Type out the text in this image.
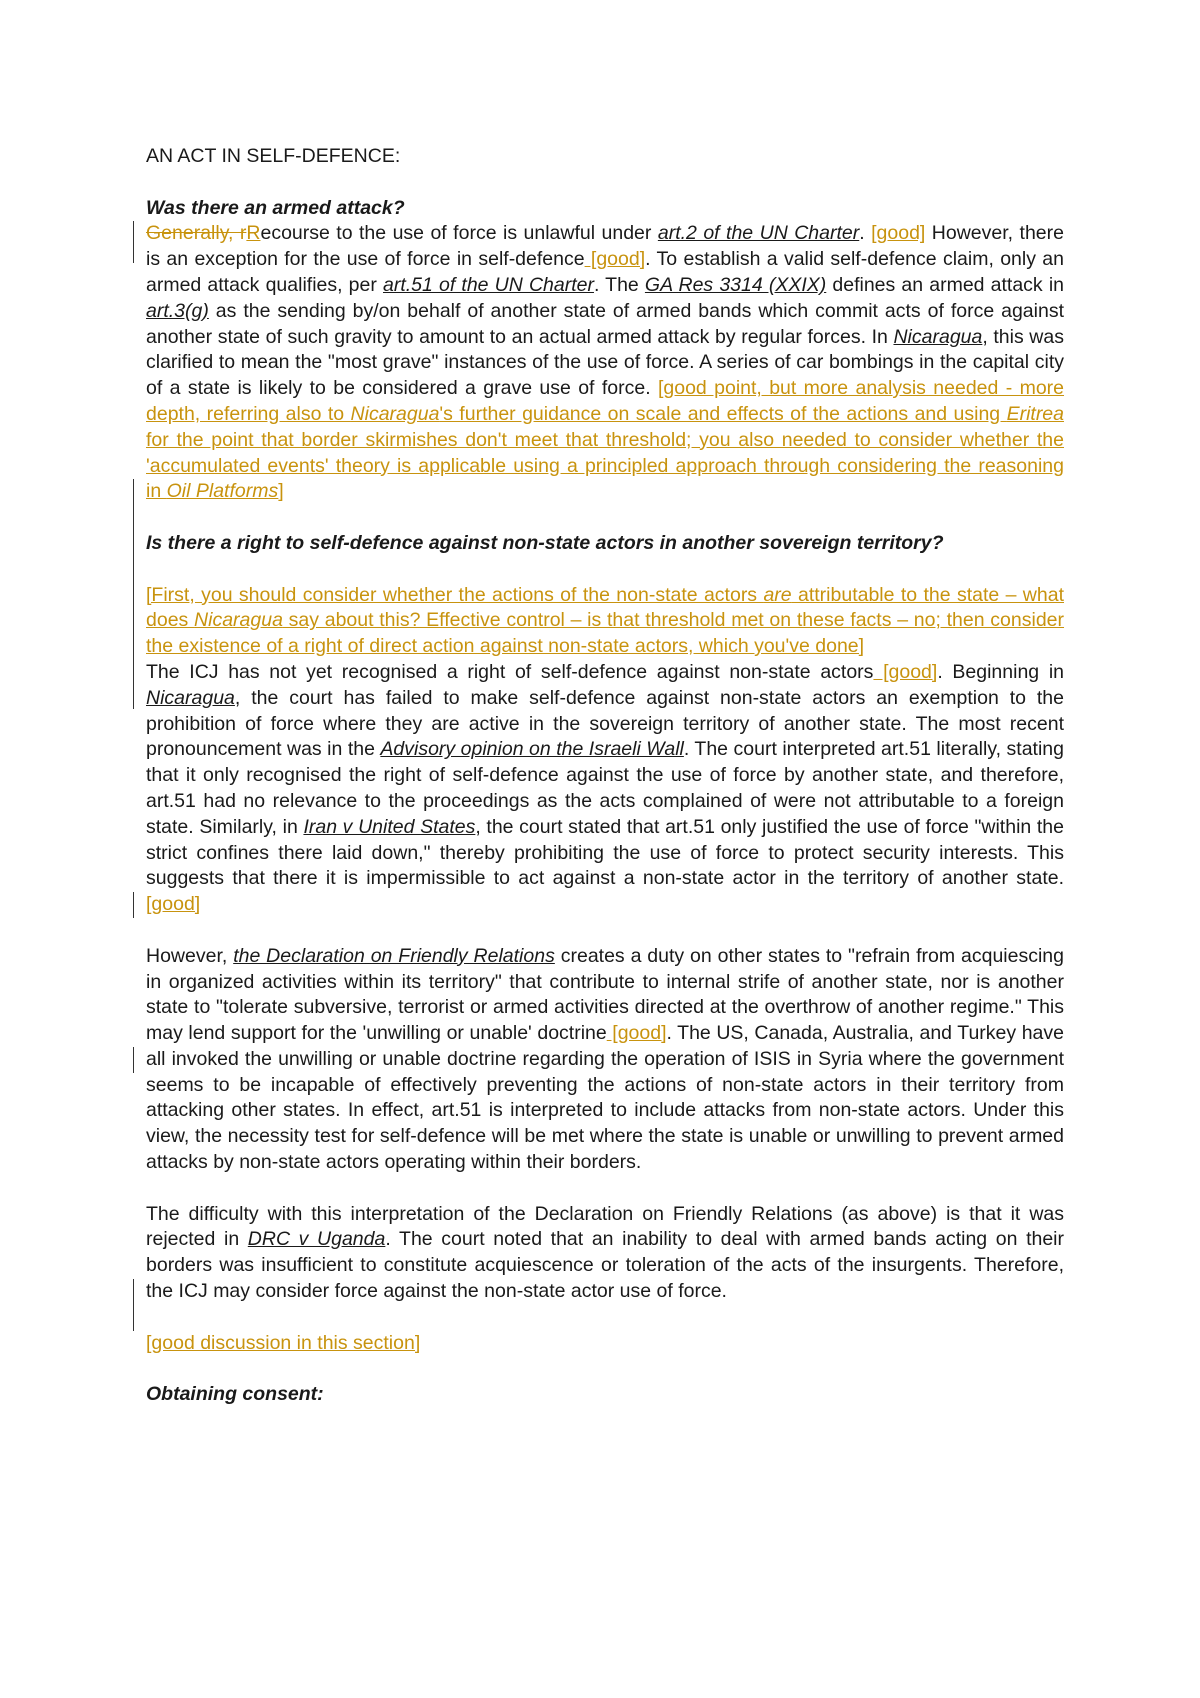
AN ACT IN SELF-DEFENCE:

Was there an armed attack?

Generally, rRecourse to the use of force is unlawful under art.2 of the UN Charter. [good] However, there is an exception for the use of force in self-defence [good]. To establish a valid self-defence claim, only an armed attack qualifies, per art.51 of the UN Charter. The GA Res 3314 (XXIX) defines an armed attack in art.3(g) as the sending by/on behalf of another state of armed bands which commit acts of force against another state of such gravity to amount to an actual armed attack by regular forces. In Nicaragua, this was clarified to mean the "most grave" instances of the use of force. A series of car bombings in the capital city of a state is likely to be considered a grave use of force. [good point, but more analysis needed - more depth, referring also to Nicaragua's further guidance on scale and effects of the actions and using Eritrea for the point that border skirmishes don't meet that threshold; you also needed to consider whether the 'accumulated events' theory is applicable using a principled approach through considering the reasoning in Oil Platforms]

Is there a right to self-defence against non-state actors in another sovereign territory?

[First, you should consider whether the actions of the non-state actors are attributable to the state – what does Nicaragua say about this? Effective control – is that threshold met on these facts – no; then consider the existence of a right of direct action against non-state actors, which you've done]

The ICJ has not yet recognised a right of self-defence against non-state actors [good]. Beginning in Nicaragua, the court has failed to make self-defence against non-state actors an exemption to the prohibition of force where they are active in the sovereign territory of another state. The most recent pronouncement was in the Advisory opinion on the Israeli Wall. The court interpreted art.51 literally, stating that it only recognised the right of self-defence against the use of force by another state, and therefore, art.51 had no relevance to the proceedings as the acts complained of were not attributable to a foreign state. Similarly, in Iran v United States, the court stated that art.51 only justified the use of force "within the strict confines there laid down," thereby prohibiting the use of force to protect security interests. This suggests that there it is impermissible to act against a non-state actor in the territory of another state. [good]

However, the Declaration on Friendly Relations creates a duty on other states to "refrain from acquiescing in organized activities within its territory" that contribute to internal strife of another state, nor is another state to "tolerate subversive, terrorist or armed activities directed at the overthrow of another regime." This may lend support for the 'unwilling or unable' doctrine [good]. The US, Canada, Australia, and Turkey have all invoked the unwilling or unable doctrine regarding the operation of ISIS in Syria where the government seems to be incapable of effectively preventing the actions of non-state actors in their territory from attacking other states. In effect, art.51 is interpreted to include attacks from non-state actors. Under this view, the necessity test for self-defence will be met where the state is unable or unwilling to prevent armed attacks by non-state actors operating within their borders.

The difficulty with this interpretation of the Declaration on Friendly Relations (as above) is that it was rejected in DRC v Uganda. The court noted that an inability to deal with armed bands acting on their borders was insufficient to constitute acquiescence or toleration of the acts of the insurgents. Therefore, the ICJ may consider force against the non-state actor use of force.

[good discussion in this section]

Obtaining consent:
